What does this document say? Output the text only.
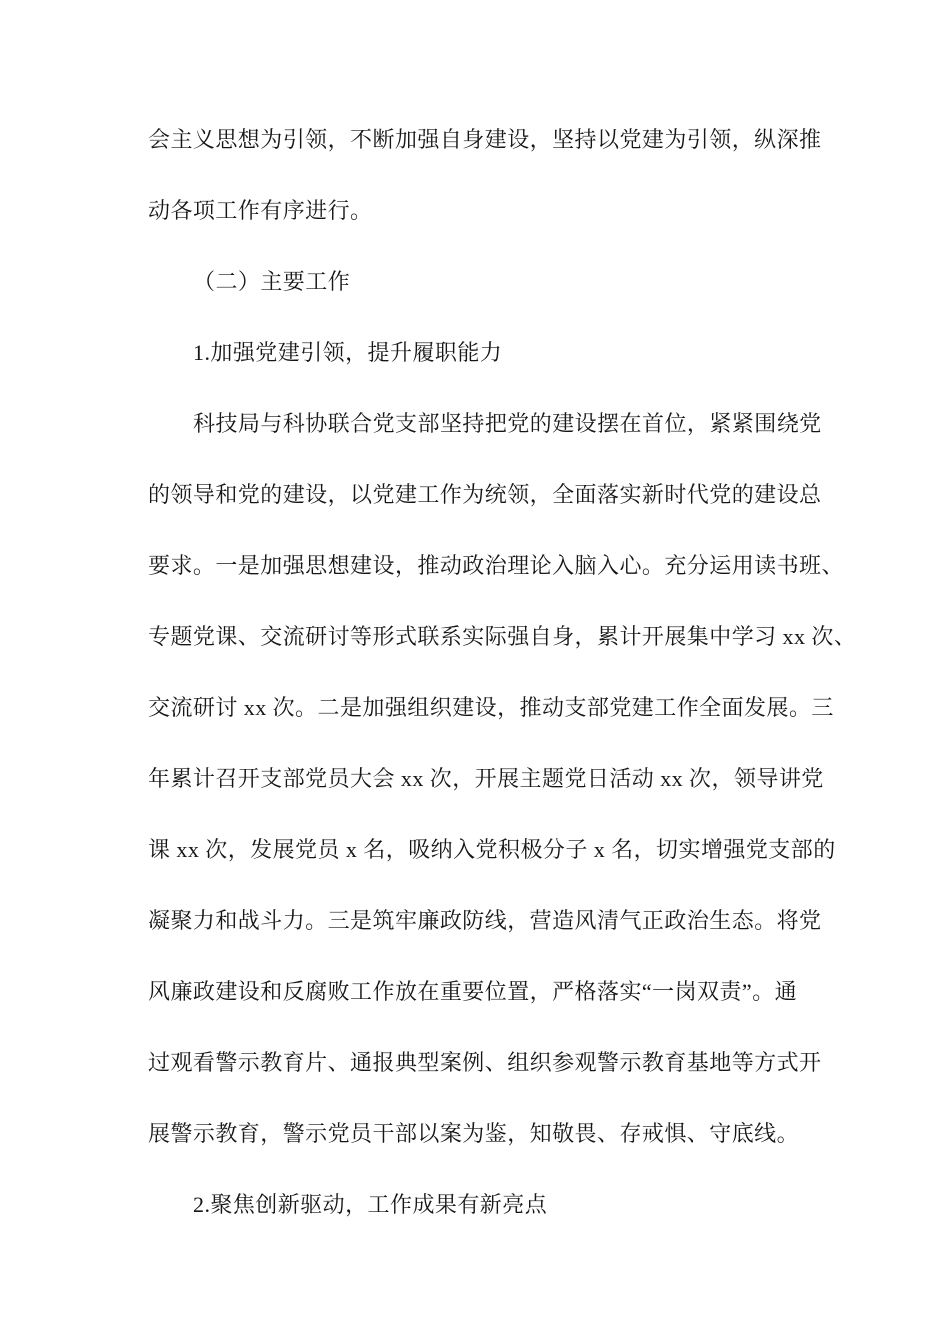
会主义思想为引领，不断加强自身建设，坚持以党建为引领，纵深推
动各项工作有序进行。
（二）主要工作
1.加强党建引领，提升履职能力
科技局与科协联合党支部坚持把党的建设摆在首位，紧紧围绕党
的领导和党的建设，以党建工作为统领，全面落实新时代党的建设总
要求。一是加强思想建设，推动政治理论入脑入心。充分运用读书班、
专题党课、交流研讨等形式联系实际强自身，累计开展集中学习 xx 次、
交流研讨 xx 次。二是加强组织建设，推动支部党建工作全面发展。三
年累计召开支部党员大会 xx 次，开展主题党日活动 xx 次，领导讲党
课 xx 次，发展党员 x 名，吸纳入党积极分子 x 名，切实增强党支部的
凝聚力和战斗力。三是筑牢廉政防线，营造风清气正政治生态。将党
风廉政建设和反腐败工作放在重要位置，严格落实“一岗双责”。通
过观看警示教育片、通报典型案例、组织参观警示教育基地等方式开
展警示教育，警示党员干部以案为鉴，知敬畏、存戒惧、守底线。
2.聚焦创新驱动，工作成果有新亮点
